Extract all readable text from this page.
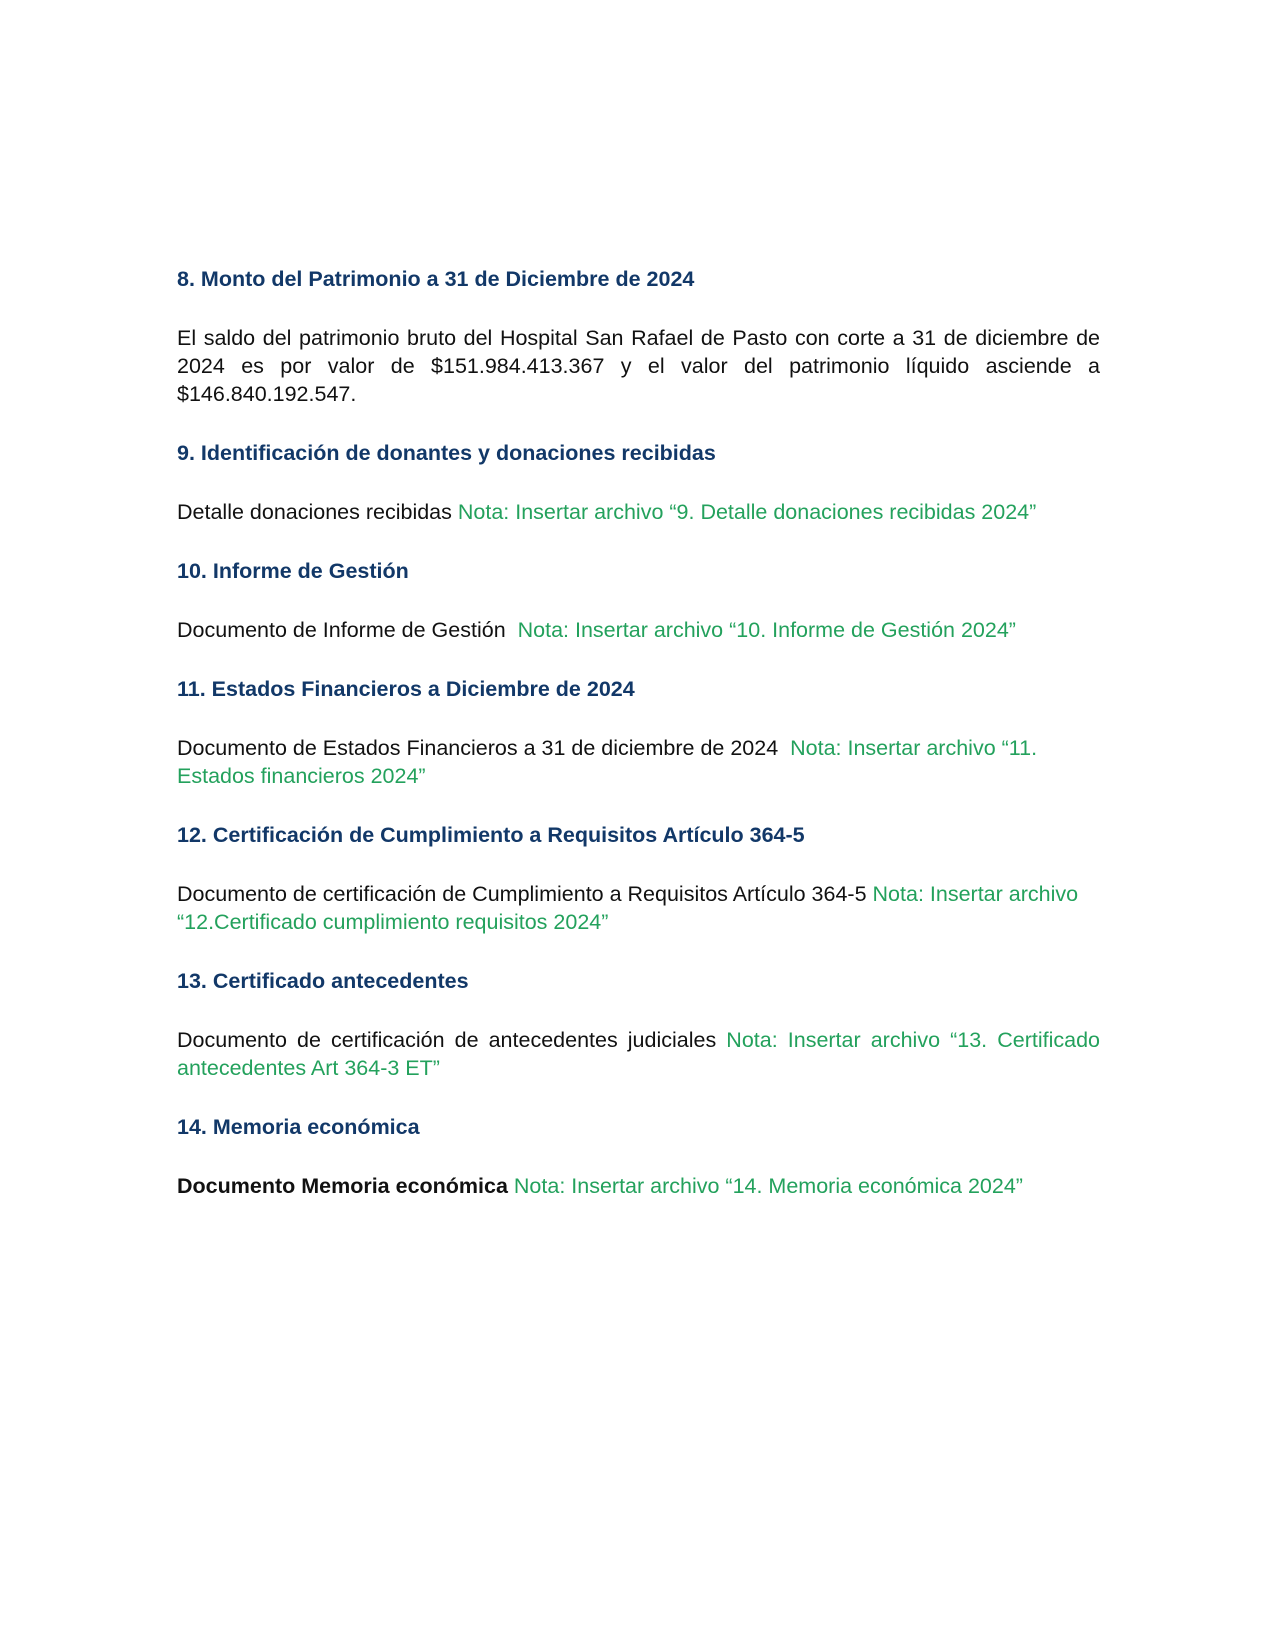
8. Monto del Patrimonio a 31 de Diciembre de 2024

El saldo del patrimonio bruto del Hospital San Rafael de Pasto con corte a 31 de diciembre de 2024 es por valor de $151.984.413.367 y el valor del patrimonio líquido asciende a $146.840.192.547.

9. Identificación de donantes y donaciones recibidas

Detalle donaciones recibidas Nota: Insertar archivo “9. Detalle donaciones recibidas 2024”

10. Informe de Gestión

Documento de Informe de Gestión  Nota: Insertar archivo “10. Informe de Gestión 2024”

11. Estados Financieros a Diciembre de 2024

Documento de Estados Financieros a 31 de diciembre de 2024  Nota: Insertar archivo “11. Estados financieros 2024”

12. Certificación de Cumplimiento a Requisitos Artículo 364-5

Documento de certificación de Cumplimiento a Requisitos Artículo 364-5 Nota: Insertar archivo “12.Certificado cumplimiento requisitos 2024”

13. Certificado antecedentes

Documento de certificación de antecedentes judiciales Nota: Insertar archivo “13. Certificado antecedentes Art 364-3 ET”

14. Memoria económica

Documento Memoria económica Nota: Insertar archivo “14. Memoria económica 2024”
